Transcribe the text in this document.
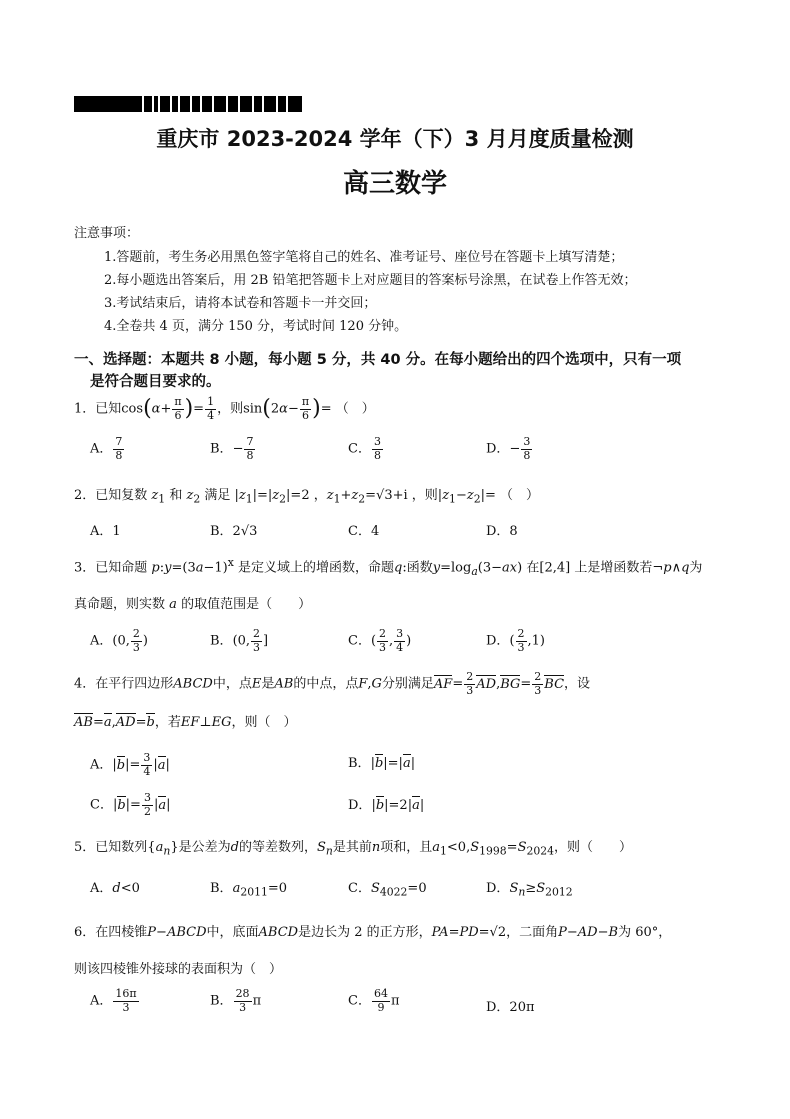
重庆市 2023-2024 学年（下）3 月月度质量检测
高三数学
注意事项：
1.答题前，考生务必用黑色签字笔将自己的姓名、准考证号、座位号在答题卡上填写清楚；
2.每小题选出答案后，用 2B 铅笔把答题卡上对应题目的答案标号涂黑，在试卷上作答无效；
3.考试结束后，请将本试卷和答题卡一并交回；
4.全卷共 4 页，满分 150 分，考试时间 120 分钟。
一、选择题：本题共 8 小题，每小题 5 分，共 40 分。在每小题给出的四个选项中，只有一项
是符合题目要求的。
1．已知$\cos(\alpha+ \frac{\pi}{6}$ )= $\frac{1}{4}$ ，则$\sin(2\alpha- \frac{\pi}{6}$ )= （　）
A． $\frac{7}{8}$	B．− $\frac{7}{8}$	C． $\frac{3}{8}$	D．− $\frac{3}{8}$
2．已知复数 $z_1$ 和 $z_2$ 满足 $|z_1|=|z_2|=2$ ，$z_1+z_2=√3+i$ ，则$|z_1-z_2|=$ （　）
A．1	B．2√3	C．4	D．8
3．已知命题 $p:y=(3a-1)^x$ 是定义域上的增函数，命题q:函数$y=\log_a(3-ax)$ 在[2,4] 上是增函数若¬p∧q为
真命题，则实数 a 的取值范围是（　　）
A．(0, $\frac{2}{3}$ )	B．(0, $\frac{2}{3}$ ]	C．( $\frac{2}{3}$ , $\frac{3}{4}$ )	D．( $\frac{2}{3} ,1$)
4．在平行四边形ABCD中，点E是AB的中点，点F,G分别满足$AF= \frac{2}{3} AD,BG= \frac{2}{3}$ BC，设
AB=a,AD=b，若EF⊥EG，则（　）
A．$|b|= \frac{3}{4} |a|$	B．|b|=|a|
C．$|b|= \frac{3}{2} |a|$	D．|b|=2|a|
5．已知数列$\{a_n\}$是公差为d的等差数列，$S_n$是其前n项和，且$a_1<0,S_{1998}=S_{2024}$，则（　　）
A．d<0	B．$a_{2011}=0$	C．$S_{4022}=0$	D．$S_n\ge S_{2012}$
6．在四棱锥P−ABCD中，底面ABCD是边长为 2 的正方形，PA=PD=√2，二面角P−AD−B为 60°，
则该四棱锥外接球的表面积为（　）
A． $\frac{16\pi}{3}$	B． $\frac{28}{3}$ π	C． $\frac{64}{9}$ π	D．20π
